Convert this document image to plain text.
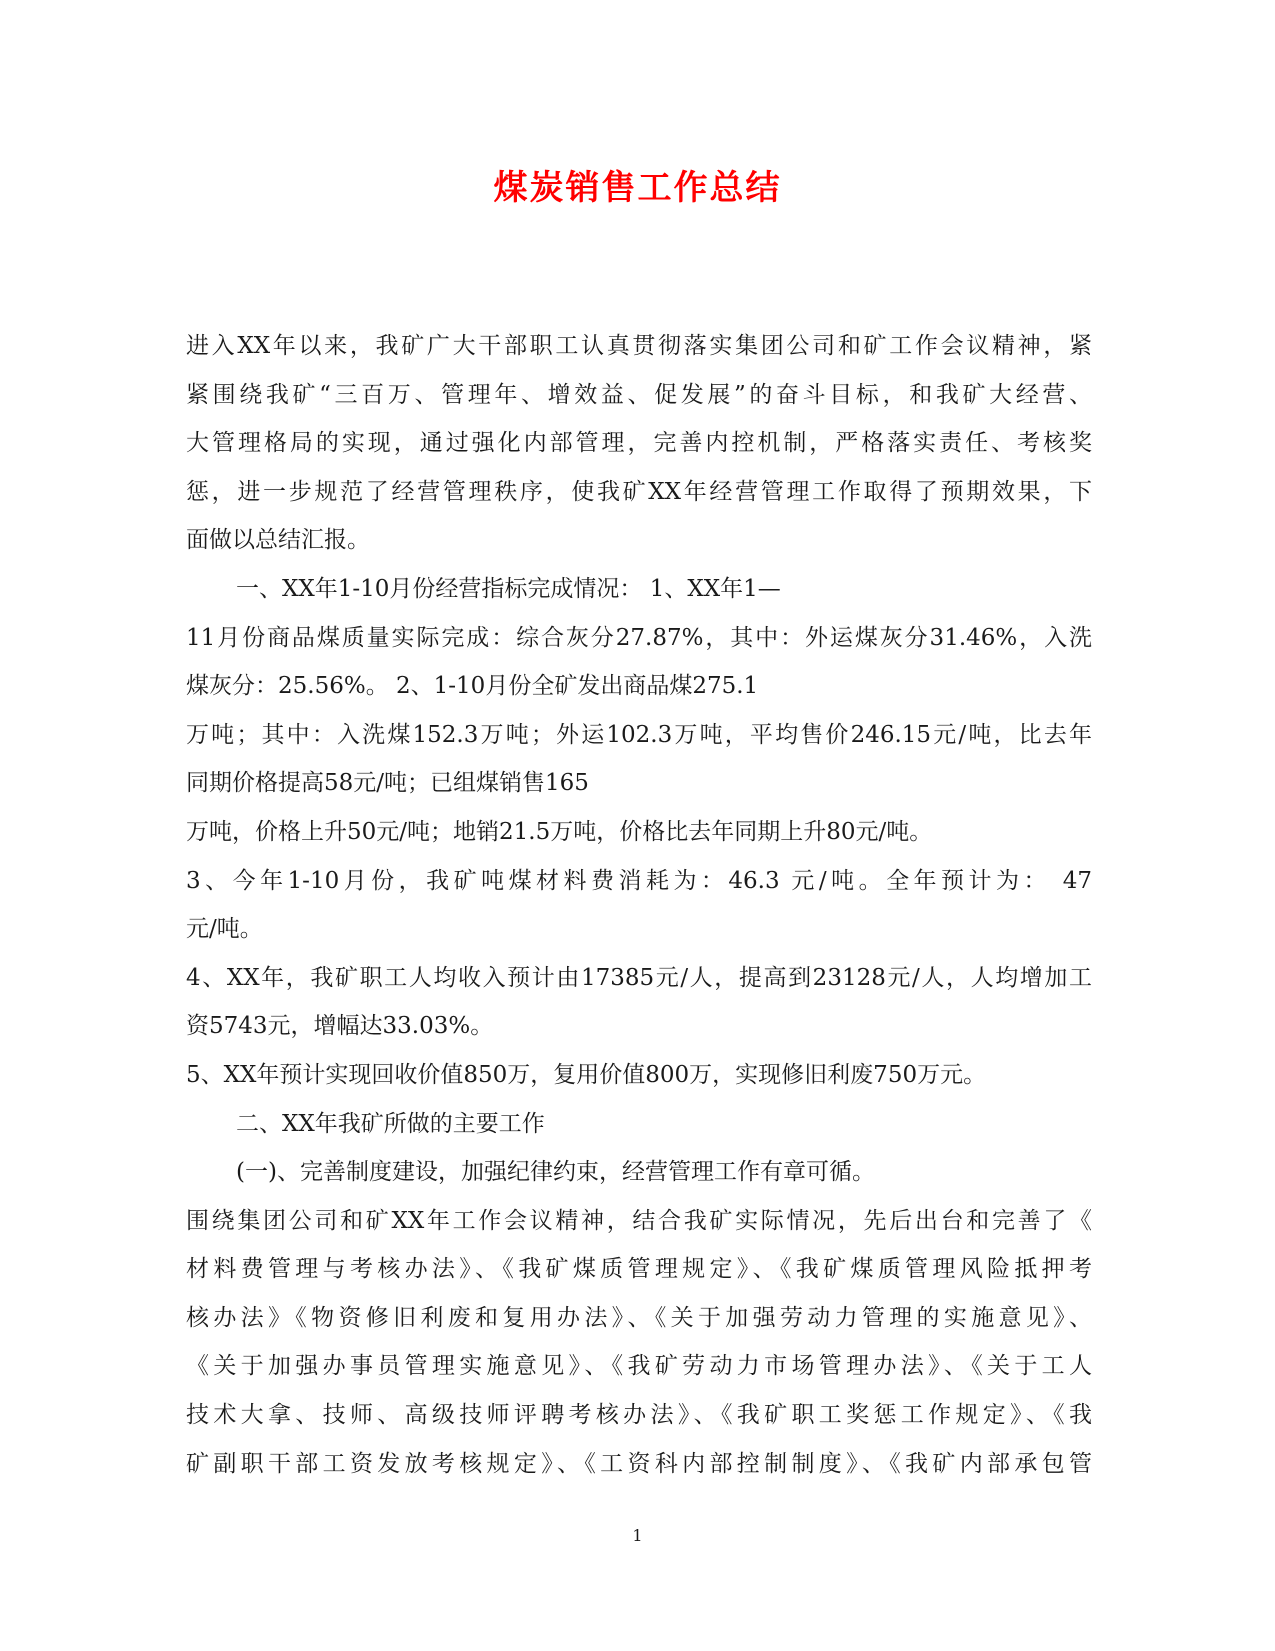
煤炭销售工作总结
进入XX年以来，我矿广大干部职工认真贯彻落实集团公司和矿工作会议精神，紧
紧围绕我矿“三百万、管理年、增效益、促发展”的奋斗目标，和我矿大经营、
大管理格局的实现，通过强化内部管理，完善内控机制，严格落实责任、考核奖
惩，进一步规范了经营管理秩序，使我矿XX年经营管理工作取得了预期效果，下
面做以总结汇报。
一、XX年1-10月份经营指标完成情况： 1、XX年1—
11月份商品煤质量实际完成：综合灰分27.87%，其中：外运煤灰分31.46%，入洗
煤灰分：25.56%。 2、1-10月份全矿发出商品煤275.1
万吨；其中：入洗煤152.3万吨；外运102.3万吨，平均售价246.15元/吨，比去年
同期价格提高58元/吨；已组煤销售165
万吨，价格上升50元/吨；地销21.5万吨，价格比去年同期上升80元/吨。
3、今年1-10月份，我矿吨煤材料费消耗为：46.3 元/吨。全年预计为： 47
元/吨。
4、XX年，我矿职工人均收入预计由17385元/人，提高到23128元/人，人均增加工
资5743元，增幅达33.03%。
5、XX年预计实现回收价值850万，复用价值800万，实现修旧利废750万元。
二、XX年我矿所做的主要工作
(一)、完善制度建设，加强纪律约束，经营管理工作有章可循。
围绕集团公司和矿XX年工作会议精神，结合我矿实际情况，先后出台和完善了《
材料费管理与考核办法》、《我矿煤质管理规定》、《我矿煤质管理风险抵押考
核办法》《物资修旧利废和复用办法》、《关于加强劳动力管理的实施意见》、
《关于加强办事员管理实施意见》、《我矿劳动力市场管理办法》、《关于工人
技术大拿、技师、高级技师评聘考核办法》、《我矿职工奖惩工作规定》、《我
矿副职干部工资发放考核规定》、《工资科内部控制制度》、《我矿内部承包管
1
